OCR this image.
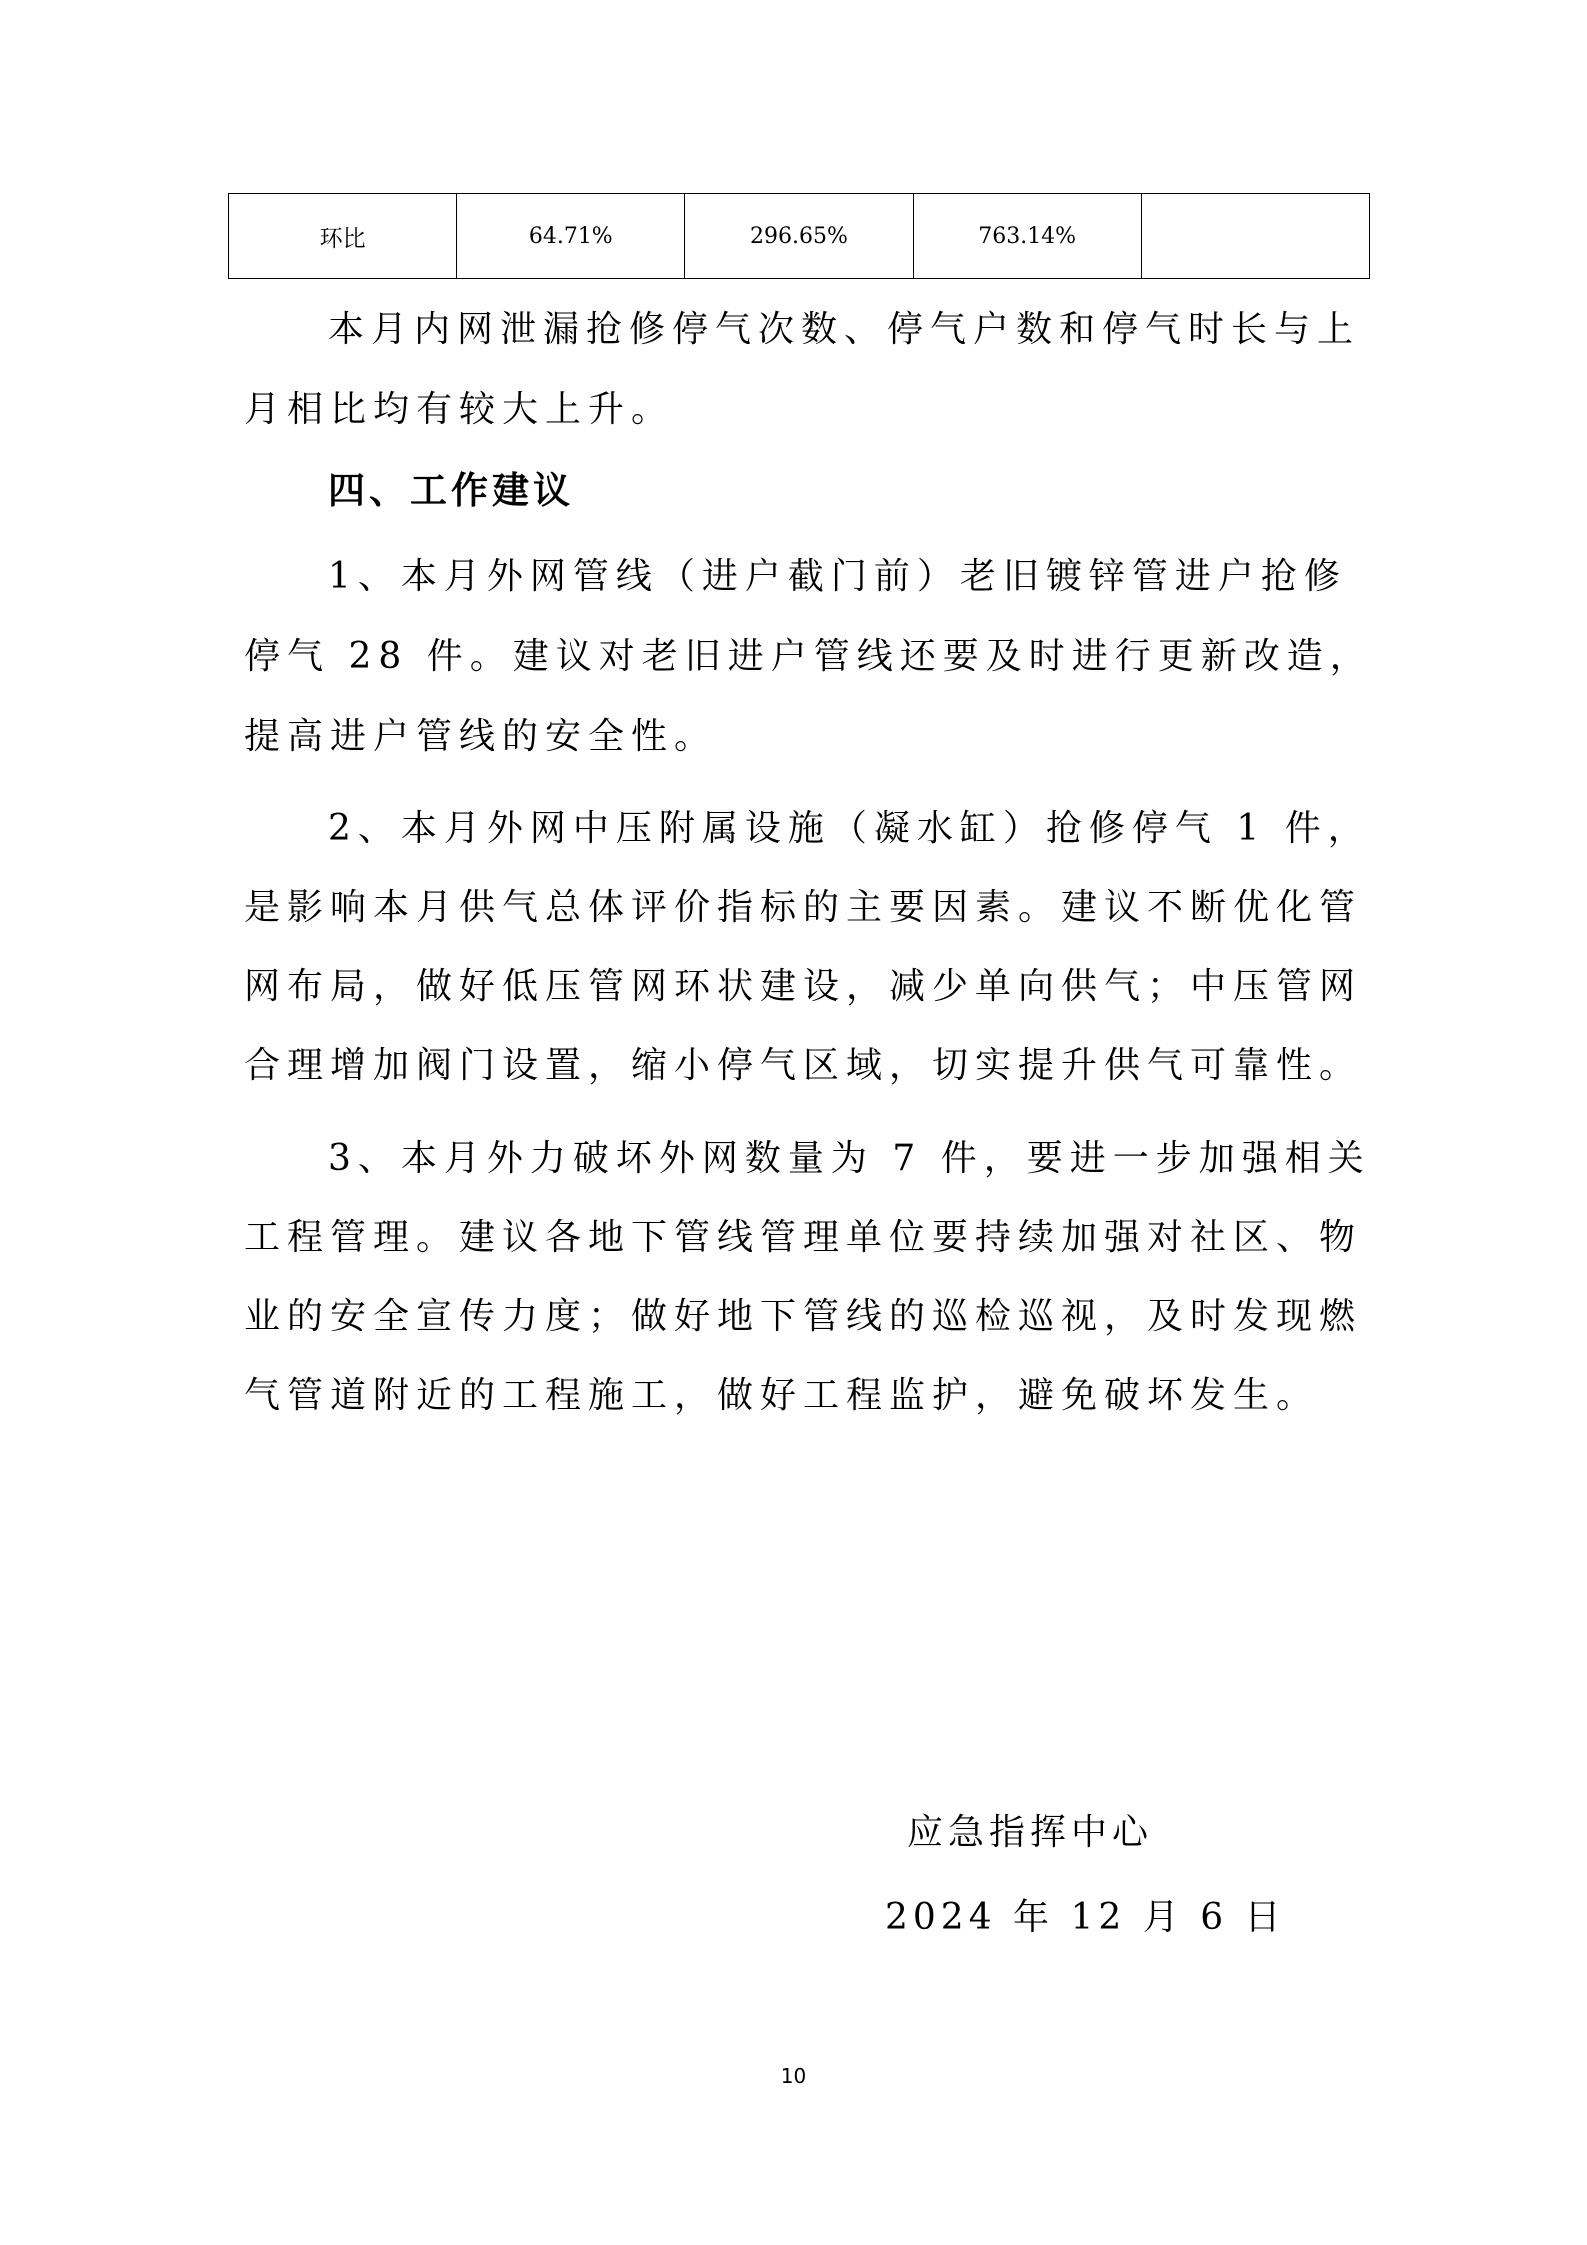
环比	64.71%	296.65%	763.14%	
本月内网泄漏抢修停气次数、停气户数和停气时长与上
月相比均有较大上升。
四、工作建议
1、本月外网管线（进户截门前）老旧镀锌管进户抢修
停气 28 件。建议对老旧进户管线还要及时进行更新改造，
提高进户管线的安全性。
2、本月外网中压附属设施（凝水缸）抢修停气 1 件，
是影响本月供气总体评价指标的主要因素。建议不断优化管
网布局，做好低压管网环状建设，减少单向供气；中压管网
合理增加阀门设置，缩小停气区域，切实提升供气可靠性。
3、本月外力破坏外网数量为 7 件，要进一步加强相关
工程管理。建议各地下管线管理单位要持续加强对社区、物
业的安全宣传力度；做好地下管线的巡检巡视，及时发现燃
气管道附近的工程施工，做好工程监护，避免破坏发生。
应急指挥中心
2024 年 12 月 6 日
10
